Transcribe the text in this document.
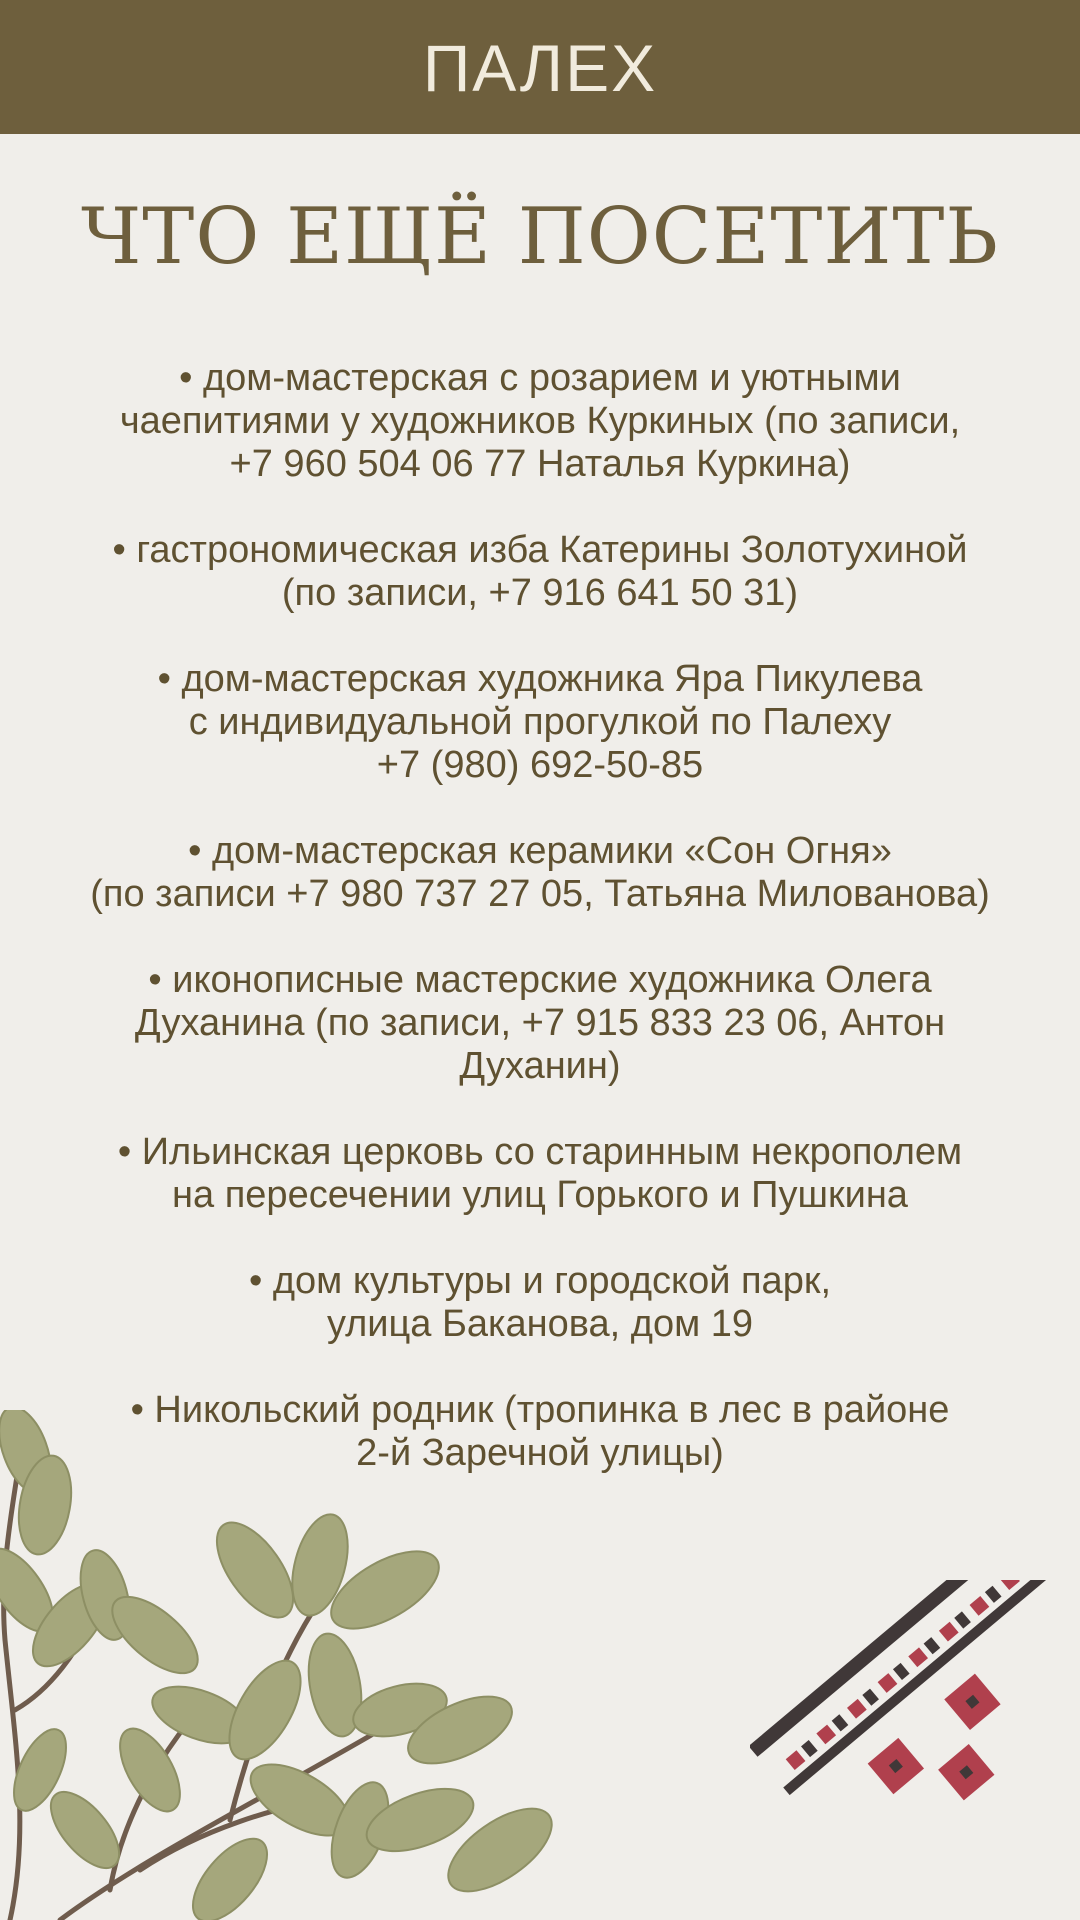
ПАЛЕХ
ЧТО ЕЩЁ ПОСЕТИТЬ

• дом-мастерская с розарием и уютными
чаепитиями у художников Куркиных (по записи,
+7 960 504 06 77 Наталья Куркина)

• гастрономическая изба Катерины Золотухиной
(по записи, +7 916 641 50 31)

• дом-мастерская художника Яра Пикулева
с индивидуальной прогулкой по Палеху
+7 (980) 692-50-85

• дом-мастерская керамики «Сон Огня»
(по записи +7 980 737 27 05, Татьяна Милованова)

• иконописные мастерские художника Олега
Духанина (по записи, +7 915 833 23 06, Антон
Духанин)

• Ильинская церковь со старинным некрополем
на пересечении улиц Горького и Пушкина

• дом культуры и городской парк,
улица Баканова, дом 19

• Никольский родник (тропинка в лес в районе
2-й Заречной улицы)
